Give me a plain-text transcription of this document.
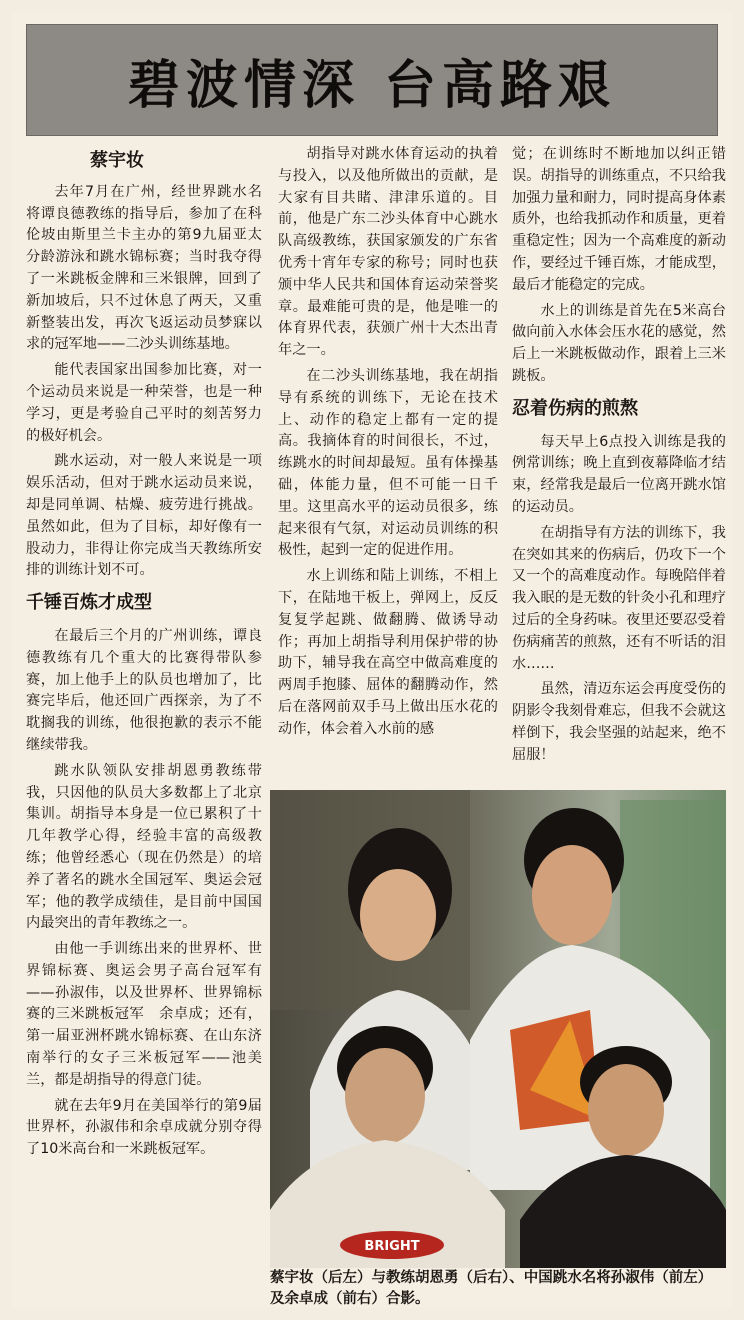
碧波情深 台高路艰
蔡宇妆

去年7月在广州，经世界跳水名将谭良德教练的指导后，参加了在科伦坡由斯里兰卡主办的第9九届亚太分龄游泳和跳水锦标赛；当时我夺得了一米跳板金牌和三米银牌，回到了新加坡后，只不过休息了两天，又重新整装出发，再次飞返运动员梦寐以求的冠军地——二沙头训练基地。

能代表国家出国参加比赛，对一个运动员来说是一种荣誉，也是一种学习，更是考验自己平时的刻苦努力的极好机会。

跳水运动，对一般人来说是一项娱乐活动，但对于跳水运动员来说，却是同单调、枯燥、疲劳进行挑战。虽然如此，但为了目标，却好像有一股动力，非得让你完成当天教练所安排的训练计划不可。

千锤百炼才成型

在最后三个月的广州训练，谭良德教练有几个重大的比赛得带队参赛，加上他手上的队员也增加了，比赛完毕后，他还回广西探亲，为了不耽搁我的训练，他很抱歉的表示不能继续带我。

跳水队领队安排胡恩勇教练带我，只因他的队员大多数都上了北京集训。胡指导本身是一位已累积了十几年教学心得，经验丰富的高级教练；他曾经悉心（现在仍然是）的培养了著名的跳水全国冠军、奥运会冠军；他的教学成绩佳，是目前中国国内最突出的青年教练之一。

由他一手训练出来的世界杯、世界锦标赛、奥运会男子高台冠军有——孙淑伟，以及世界杯、世界锦标赛的三米跳板冠军　余卓成；还有，第一届亚洲杯跳水锦标赛、在山东济南举行的女子三米板冠军——池美兰，都是胡指导的得意门徒。

就在去年9月在美国举行的第9届世界杯，孙淑伟和余卓成就分别夺得了10米高台和一米跳板冠军。

胡指导对跳水体育运动的执着与投入，以及他所做出的贡献，是大家有目共睹、津津乐道的。目前，他是广东二沙头体育中心跳水队高级教练，获国家颁发的广东省优秀十宵年专家的称号；同时也获颁中华人民共和国体育运动荣誉奖章。最难能可贵的是，他是唯一的体育界代表，获颁广州十大杰出青年之一。

在二沙头训练基地，我在胡指导有系统的训练下，无论在技术上、动作的稳定上都有一定的提高。我摘体育的时间很长，不过，练跳水的时间却最短。虽有体操基础，体能力量，但不可能一日千里。这里高水平的运动员很多，练起来很有气氛，对运动员训练的积极性，起到一定的促进作用。

水上训练和陆上训练，不相上下，在陆地干板上，弹网上，反反复复学起跳、做翻腾、做诱导动作；再加上胡指导利用保护带的协助下，辅导我在高空中做高难度的两周手抱膝、屈体的翻腾动作，然后在落网前双手马上做出压水花的动作，体会着入水前的感

觉；在训练时不断地加以纠正错误。胡指导的训练重点，不只给我加强力量和耐力，同时提高身体素质外，也给我抓动作和质量，更着重稳定性；因为一个高难度的新动作，要经过千锤百炼，才能成型，最后才能稳定的完成。

水上的训练是首先在5米高台做向前入水体会压水花的感觉，然后上一米跳板做动作，跟着上三米跳板。

忍着伤病的煎熬

每天早上6点投入训练是我的例常训练；晚上直到夜幕降临才结束，经常我是最后一位离开跳水馆的运动员。

在胡指导有方法的训练下，我在突如其来的伤病后，仍攻下一个又一个的高难度动作。每晚陪伴着我入眠的是无数的针灸小孔和理疗过后的全身药味。夜里还要忍受着伤病痛苦的煎熬，还有不听话的泪水……

虽然，清迈东运会再度受伤的阴影令我刻骨难忘，但我不会就这样倒下，我会坚强的站起来，绝不屈服！

BRIGHT
蔡宇妆（后左）与教练胡恩勇（后右）、中国跳水名将孙淑伟（前左）及余卓成（前右）合影。
